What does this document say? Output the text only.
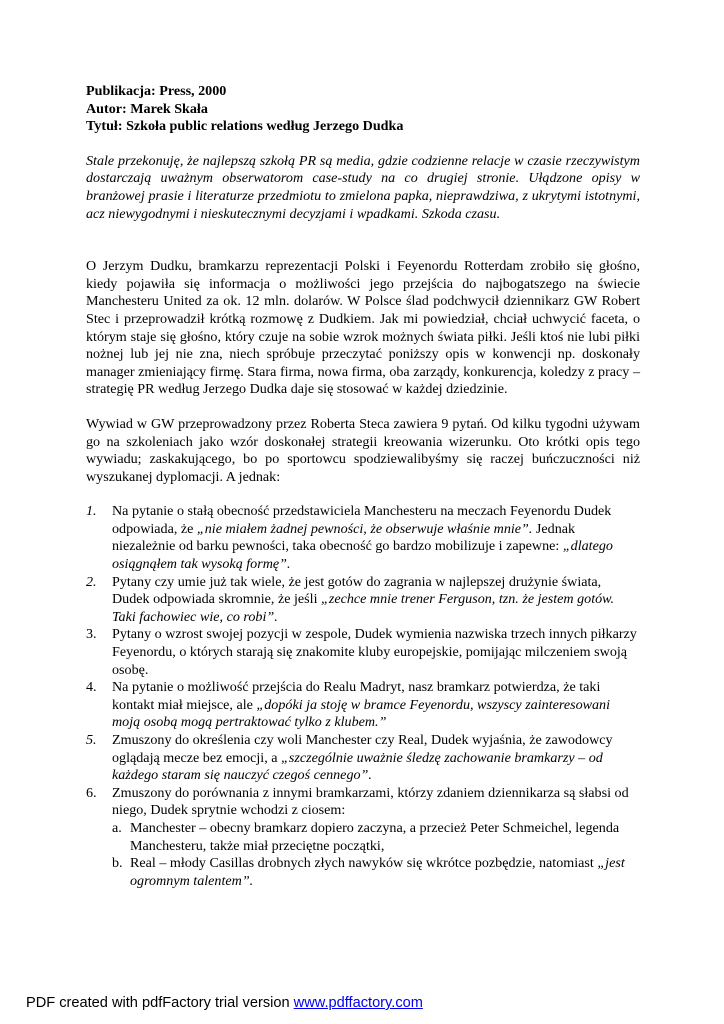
Publikacja: Press, 2000

Autor: Marek Skała

Tytuł: Szkoła public relations według Jerzego Dudka

Stale przekonuję, że najlepszą szkołą PR są media, gdzie codzienne relacje w czasie rzeczywistym dostarczają uważnym obserwatorom case-study na co drugiej stronie. Ułądzone opisy w branżowej prasie i literaturze przedmiotu to zmielona papka, nieprawdziwa, z ukrytymi istotnymi, acz niewygodnymi i nieskutecznymi decyzjami i wpadkami. Szkoda czasu.

O Jerzym Dudku, bramkarzu reprezentacji Polski i Feyenordu Rotterdam zrobiło się głośno, kiedy pojawiła się informacja o możliwości jego przejścia do najbogatszego na świecie Manchesteru United za ok. 12 mln. dolarów. W Polsce ślad podchwycił dziennikarz GW Robert Stec i przeprowadził krótką rozmowę z Dudkiem. Jak mi powiedział, chciał uchwycić faceta, o którym staje się głośno, który czuje na sobie wzrok możnych świata piłki. Jeśli ktoś nie lubi piłki nożnej lub jej nie zna, niech spróbuje przeczytać poniższy opis w konwencji np. doskonały manager zmieniający firmę. Stara firma, nowa firma, oba zarządy, konkurencja, koledzy z pracy – strategię PR według Jerzego Dudka daje się stosować w każdej dziedzinie.

Wywiad w GW przeprowadzony przez Roberta Steca zawiera 9 pytań. Od kilku tygodni używam go na szkoleniach jako wzór doskonałej strategii kreowania wizerunku. Oto krótki opis tego wywiadu; zaskakującego, bo po sportowcu spodziewalibyśmy się raczej buńczuczności niż wyszukanej dyplomacji. A jednak:

1. Na pytanie o stałą obecność przedstawiciela Manchesteru na meczach Feyenordu Dudek odpowiada, że „nie miałem żadnej pewności, że obserwuje właśnie mnie”. Jednak niezależnie od barku pewności, taka obecność go bardzo mobilizuje i zapewne: „dlatego osiągnąłem tak wysoką formę”.
2. Pytany czy umie już tak wiele, że jest gotów do zagrania w najlepszej drużynie świata, Dudek odpowiada skromnie, że jeśli „zechce mnie trener Ferguson, tzn. że jestem gotów. Taki fachowiec wie, co robi”.
3. Pytany o wzrost swojej pozycji w zespole, Dudek wymienia nazwiska trzech innych piłkarzy Feyenordu, o których starają się znakomite kluby europejskie, pomijając milczeniem swoją osobę.
4. Na pytanie o możliwość przejścia do Realu Madryt, nasz bramkarz potwierdza, że taki kontakt miał miejsce, ale „dopóki ja stoję w bramce Feyenordu, wszyscy zainteresowani moją osobą mogą pertraktować tylko z klubem.”
5. Zmuszony do określenia czy woli Manchester czy Real, Dudek wyjaśnia, że zawodowcy oglądają mecze bez emocji, a „szczególnie uważnie śledzę zachowanie bramkarzy – od każdego staram się nauczyć czegoś cennego”.
6. Zmuszony do porównania z innymi bramkarzami, którzy zdaniem dziennikarza są słabsi od niego, Dudek sprytnie wchodzi z ciosem:
a. Manchester – obecny bramkarz dopiero zaczyna, a przecież Peter Schmeichel, legenda Manchesteru, także miał przeciętne początki,
b. Real – młody Casillas drobnych złych nawyków się wkrótce pozbędzie, natomiast „jest ogromnym talentem”.
PDF created with pdfFactory trial version www.pdffactory.com
